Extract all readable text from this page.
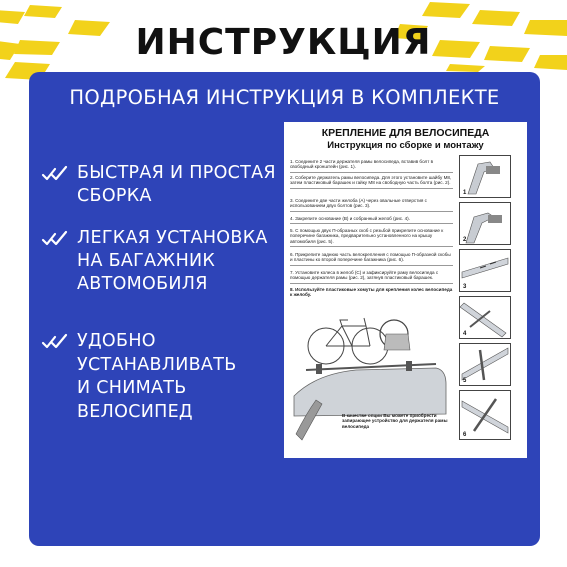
ИНСТРУКЦИЯ
ПОДРОБНАЯ ИНСТРУКЦИЯ В КОМПЛЕКТЕ
БЫСТРАЯ И ПРОСТАЯ
СБОРКА
ЛЕГКАЯ УСТАНОВКА
НА БАГАЖНИК
АВТОМОБИЛЯ
УДОБНО
УСТАНАВЛИВАТЬ
И СНИМАТЬ
ВЕЛОСИПЕД
КРЕПЛЕНИЕ ДЛЯ ВЕЛОСИПЕДА
Инструкция по сборке и монтажу
1. Соедините 2 части держателя рамы велосипеда, вставив болт в свободный кронштейн (рис. 1).
2. Соберите держатель рамы велосипеда. Для этого установите шайбу М8, затем пластиковый барашек и гайку М8 на свободную часть болта (рис. 2).
3. Соедините две части желоба (А) через овальные отверстия с использованием двух болтов (рис. 3).
4. Закрепите основание (B) и собранный желоб (рис. 4).
5. С помощью двух П-образных скоб с резьбой прикрепите основание к поперечине багажника, предварительно установленного на крышу автомобиля (рис. 5).
6. Прикрепите заднюю часть велокрепления с помощью П-образной скобы и пластины ко второй поперечине багажника (рис. 6).
7. Установите колеса в желоб (С) и зафиксируйте раму велосипеда с помощью держателя рамы (рис. 2), затянув пластиковый барашек.
8. Используйте пластиковые хомуты для крепления колес велосипеда к желобу.
В качестве опции Вы можете приобрести запирающее устройство для держателя рамы велосипеда
1
2
3
4
5
6
